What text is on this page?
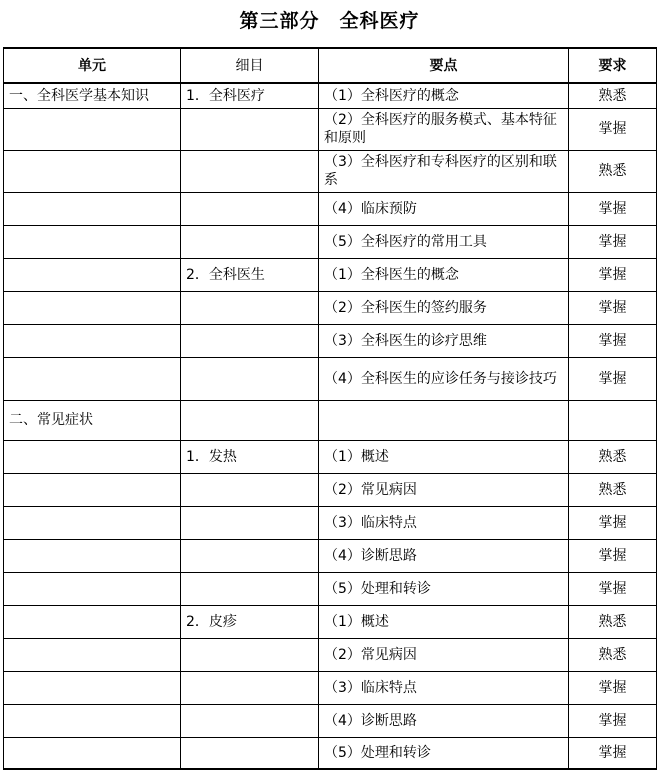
第三部分　全科医疗
单元	细目	要点	要求
一、全科医学基本知识	1．全科医疗	（1）全科医疗的概念	熟悉
		（2）全科医疗的服务模式、基本特征和原则	掌握
		（3）全科医疗和专科医疗的区别和联系	熟悉
		（4）临床预防	掌握
		（5）全科医疗的常用工具	掌握
	2．全科医生	（1）全科医生的概念	掌握
		（2）全科医生的签约服务	掌握
		（3）全科医生的诊疗思维	掌握
		（4）全科医生的应诊任务与接诊技巧	掌握
二、常见症状			
	1．发热	（1）概述	熟悉
		（2）常见病因	熟悉
		（3）临床特点	掌握
		（4）诊断思路	掌握
		（5）处理和转诊	掌握
	2．皮疹	（1）概述	熟悉
		（2）常见病因	熟悉
		（3）临床特点	掌握
		（4）诊断思路	掌握
		（5）处理和转诊	掌握
